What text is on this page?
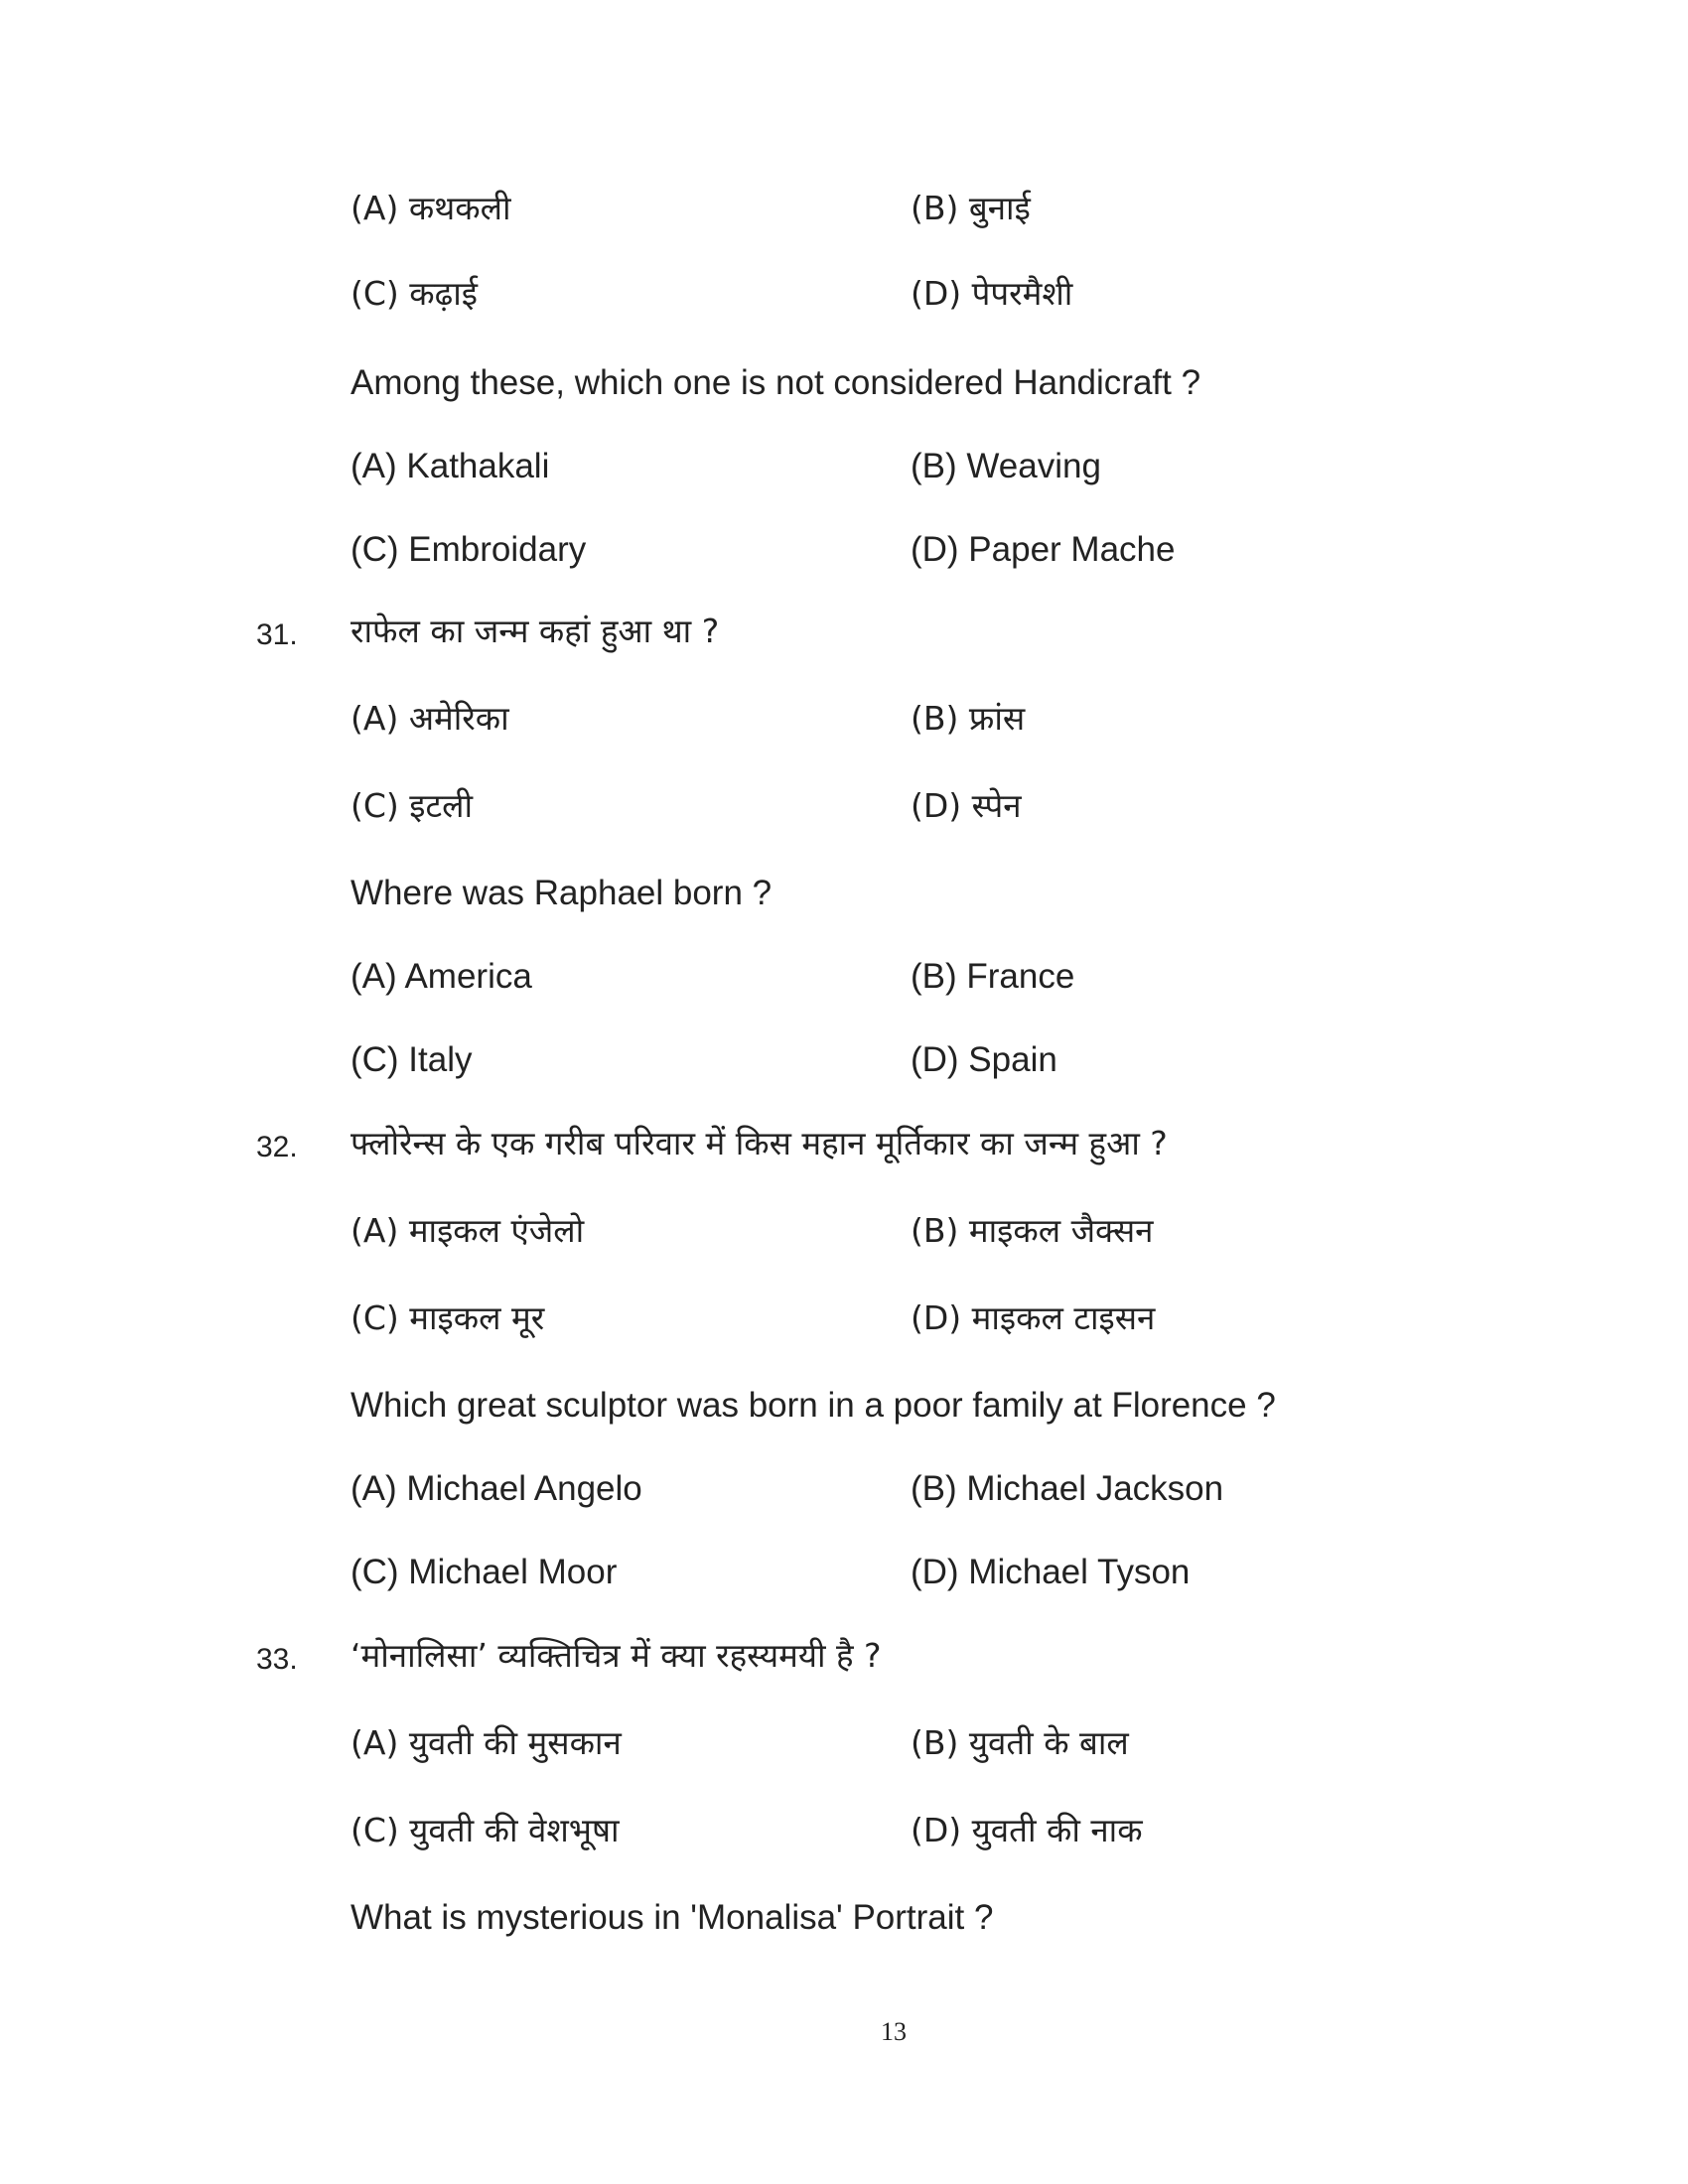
(A) कथकली	(B) बुनाई
(C) कढ़ाई	(D) पेपरमैशी
Among these, which one is not considered Handicraft ?
(A) Kathakali	(B) Weaving
(C) Embroidary	(D) Paper Mache
31. राफेल का जन्म कहां हुआ था ?
(A) अमेरिका	(B) फ्रांस
(C) इटली	(D) स्पेन
Where was Raphael born ?
(A) America	(B) France
(C) Italy	(D) Spain
32. फ्लोरेन्स के एक गरीब परिवार में किस महान मूर्तिकार का जन्म हुआ ?
(A) माइकल एंजेलो	(B) माइकल जैक्सन
(C) माइकल मूर	(D) माइकल टाइसन
Which great sculptor was born in a poor family at Florence ?
(A) Michael Angelo	(B) Michael Jackson
(C) Michael Moor	(D) Michael Tyson
33. ‘मोनालिसा’ व्यक्तिचित्र में क्या रहस्यमयी है ?
(A) युवती की मुसकान	(B) युवती के बाल
(C) युवती की वेशभूषा	(D) युवती की नाक
What is mysterious in 'Monalisa' Portrait ?
13
